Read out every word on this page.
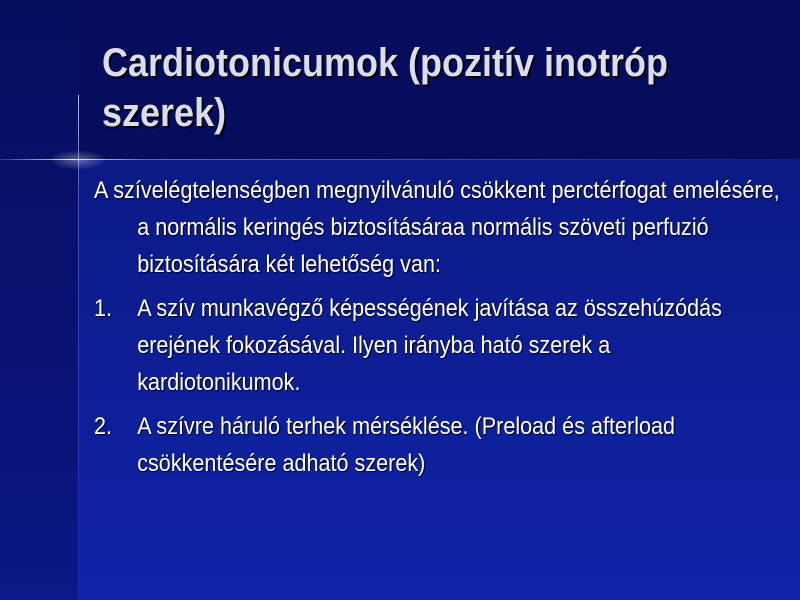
Cardiotonicumok (pozitív inotróp szerek)

A szívelégtelenségben megnyilvánuló csökkent perctérfogat emelésére, a normális keringés biztosításáraa normális szöveti perfuzió biztosítására két lehetőség van:

1.	A szív munkavégző képességének javítása az összehúzódás erejének fokozásával. Ilyen irányba ható szerek a kardiotonikumok.
2.	A szívre háruló terhek mérséklése. (Preload és afterload csökkentésére adható szerek)
